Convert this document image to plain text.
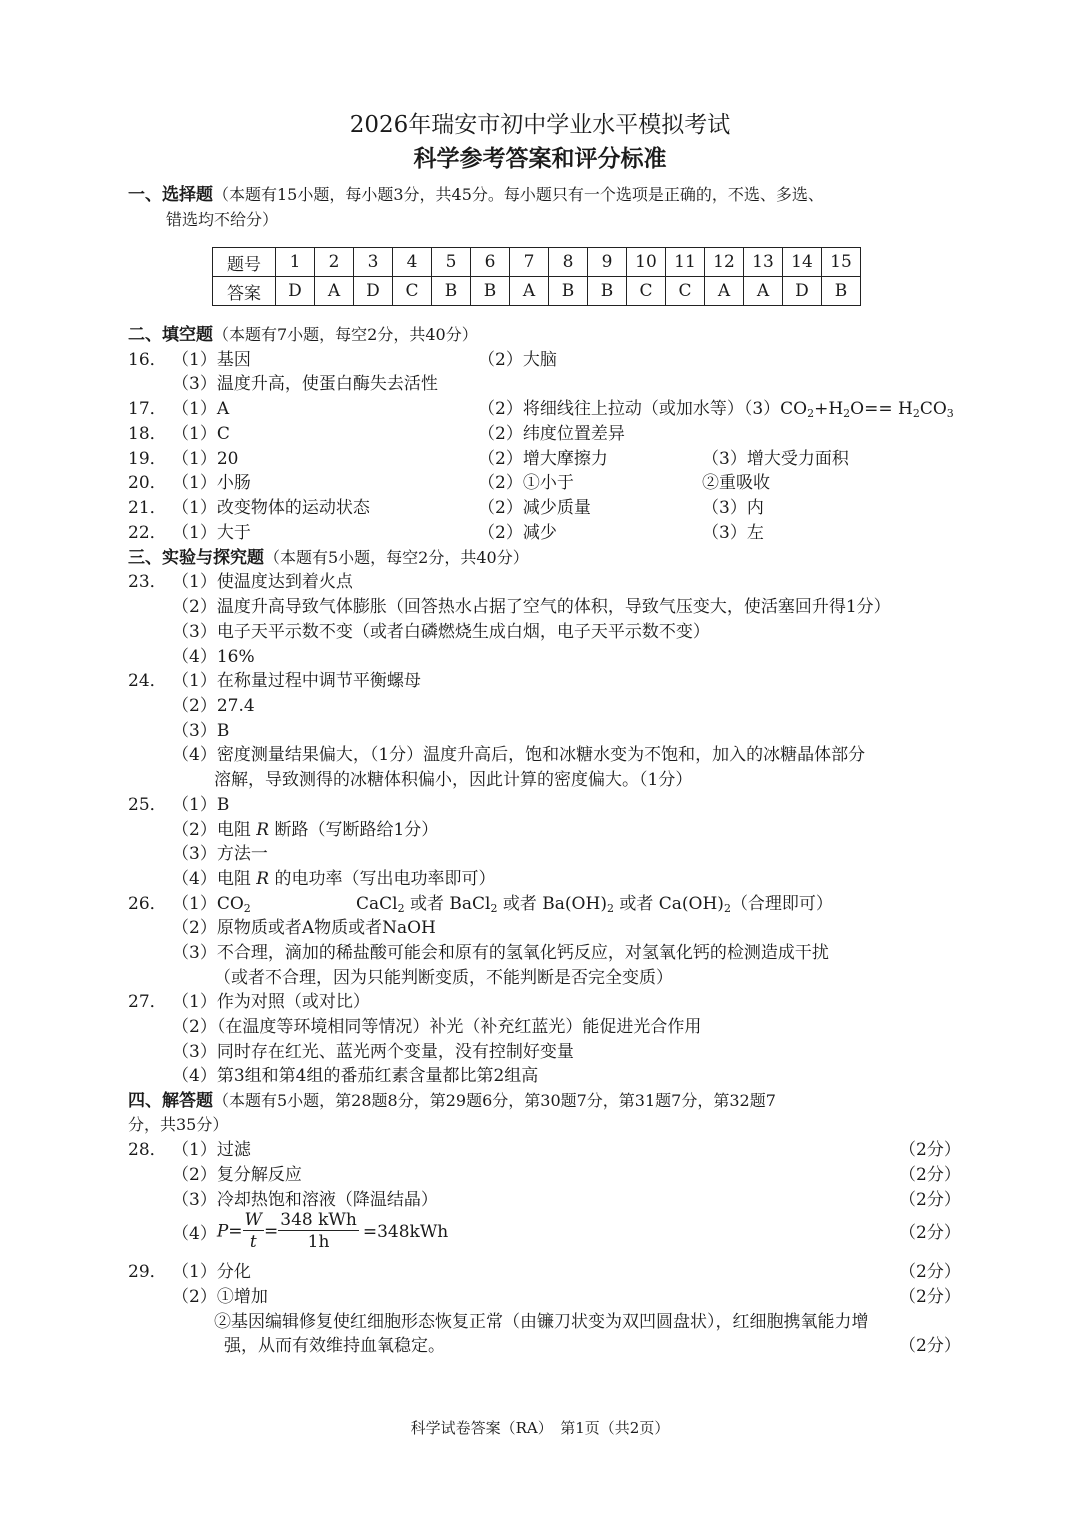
2026年瑞安市初中学业水平模拟考试
科学参考答案和评分标准
一、选择题（本题有15小题，每小题3分，共45分。每小题只有一个选项是正确的，不选、多选、
错选均不给分）
题号	1	2	3	4	5	6	7	8	9	10	11	12	13	14	15
答案	D	A	D	C	B	B	A	B	B	C	C	A	A	D	B
二、填空题（本题有7小题，每空2分，共40分）
16． （1）基因	（2）大脑
（3）温度升高，使蛋白酶失去活性
17． （1）A	（2）将细线往上拉动（或加水等）$(3)CO_2+H_2O== H_2CO_3$
18． （1）C	（2）纬度位置差异
19． （1）20	（2）增大摩擦力	（3）增大受力面积
20． （1）小肠	（2）①小于	②重吸收
21． （1）改变物体的运动状态	（2）减少质量	（3）内
22． （1）大于	（2）减少	（3）左
三、实验与探究题（本题有5小题，每空2分，共40分）
23． （1）使温度达到着火点
（2）温度升高导致气体膨胀（回答热水占据了空气的体积，导致气压变大，使活塞回升得1分）
（3）电子天平示数不变（或者白磷燃烧生成白烟，电子天平示数不变）
（4）16%
24． （1）在称量过程中调节平衡螺母
（2）27.4
（3）B
（4）密度测量结果偏大，（1分）温度升高后，饱和冰糖水变为不饱和，加入的冰糖晶体部分
溶解，导致测得的冰糖体积偏小，因此计算的密度偏大。（1分）
25． （1）B
（2）电阻 R 断路（写断路给1分）
（3）方法一
（4）电阻 R 的电功率（写出电功率即可）
26． $(1)CO_2$	CaCl$_2$ 或者 BaCl$_2$ 或者 $Ba(OH)_2$ 或者 $Ca(OH)_2$（合理即可）
（2）原物质或者A物质或者NaOH
（3）不合理，滴加的稀盐酸可能会和原有的氢氧化钙反应，对氢氧化钙的检测造成干扰
（或者不合理，因为只能判断变质，不能判断是否完全变质）
27． （1）作为对照（或对比）
（2）（在温度等环境相同等情况）补光（补充红蓝光）能促进光合作用
（3）同时存在红光、蓝光两个变量，没有控制好变量
（4）第3组和第4组的番茄红素含量都比第2组高
四、解答题（本题有5小题，第28题8分，第29题6分，第30题7分，第31题7分，第32题7
分，共35分）
28． （1）过滤	（2分）
（2）复分解反应	（2分）
（3）冷却热饱和溶液（降温结晶）	（2分）
$(4)P= \frac{W}{t} = \frac{\text{348 kWh}}{1h} =348kWh$	（2分）
29． （1）分化	（2分）
（2）①增加	（2分）
②基因编辑修复使红细胞形态恢复正常（由镰刀状变为双凹圆盘状），红细胞携氧能力增
强，从而有效维持血氧稳定。	（2分）
科学试卷答案（RA）　第1页（共2页）
